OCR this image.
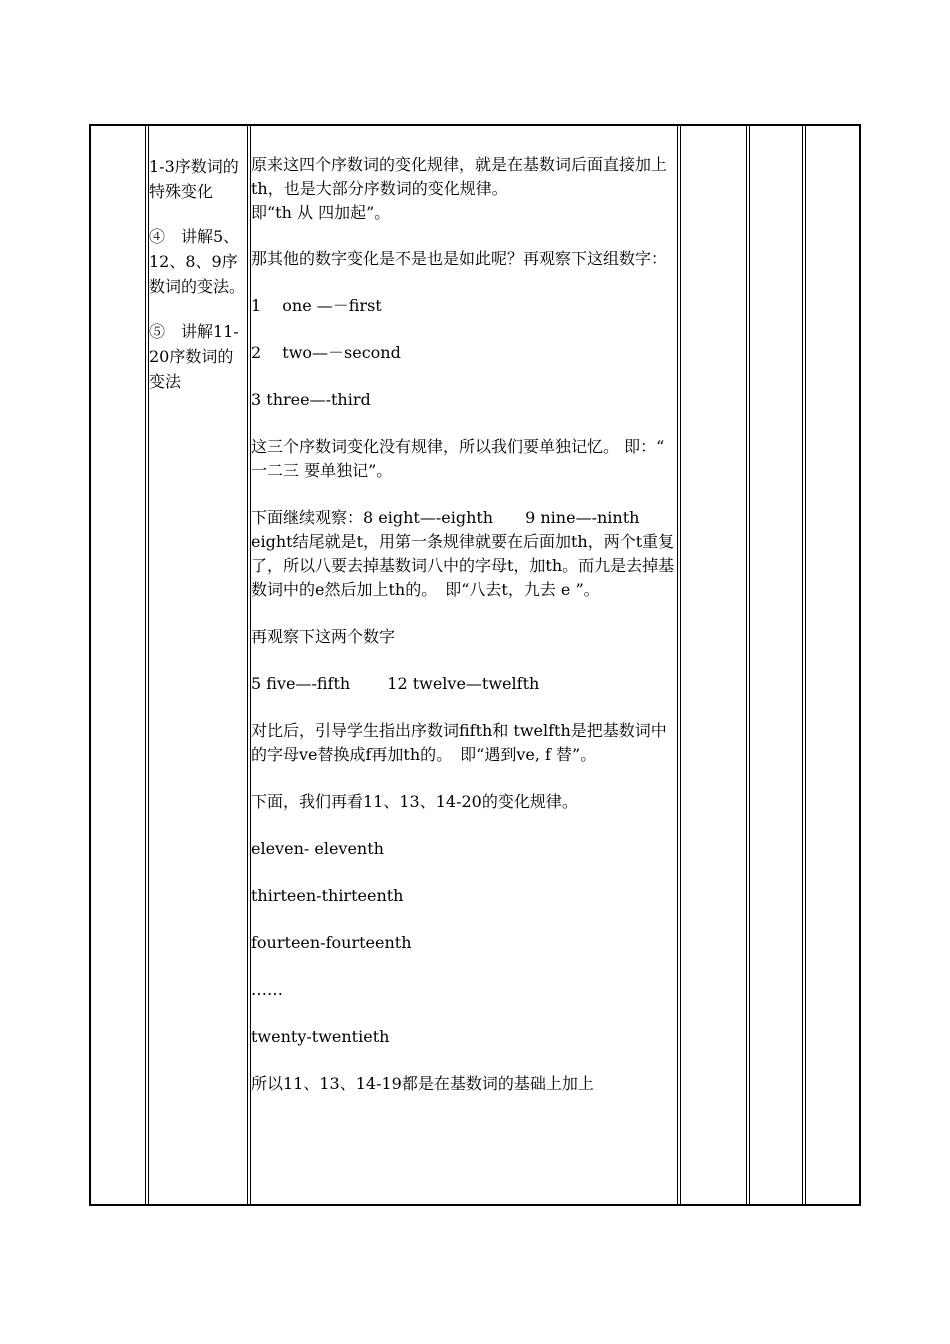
1-3序数词的特殊变化

④　讲解5、12、8、9序数词的变法。

⑤　讲解11-20序数词的变法

原来这四个序数词的变化规律，就是在基数词后面直接加上th，也是大部分序数词的变化规律。
即“th 从 四加起”。

那其他的数字变化是不是也是如此呢？再观察下这组数字：

1　 one —－first

2　 two—－second

3 three—-third

这三个序数词变化没有规律，所以我们要单独记忆。 即：“ 一二三 要单独记”。

下面继续观察：8 eight—-eighth　　9 nine—-ninth　 eight结尾就是t，用第一条规律就要在后面加th，两个t重复了，所以八要去掉基数词八中的字母t，加th。而九是去掉基数词中的e然后加上th的。　即“八去t，九去 e ”。

再观察下这两个数字

5 five—-fifth　　 12 twelve—twelfth

对比后，引导学生指出序数词fifth和 twelfth是把基数词中的字母ve替换成f再加th的。　即“遇到ve, f 替”。

下面，我们再看11、13、14-20的变化规律。

eleven- eleventh

thirteen-thirteenth

fourteen-fourteenth

……

twenty-twentieth

所以11、13、14-19都是在基数词的基础上加上
